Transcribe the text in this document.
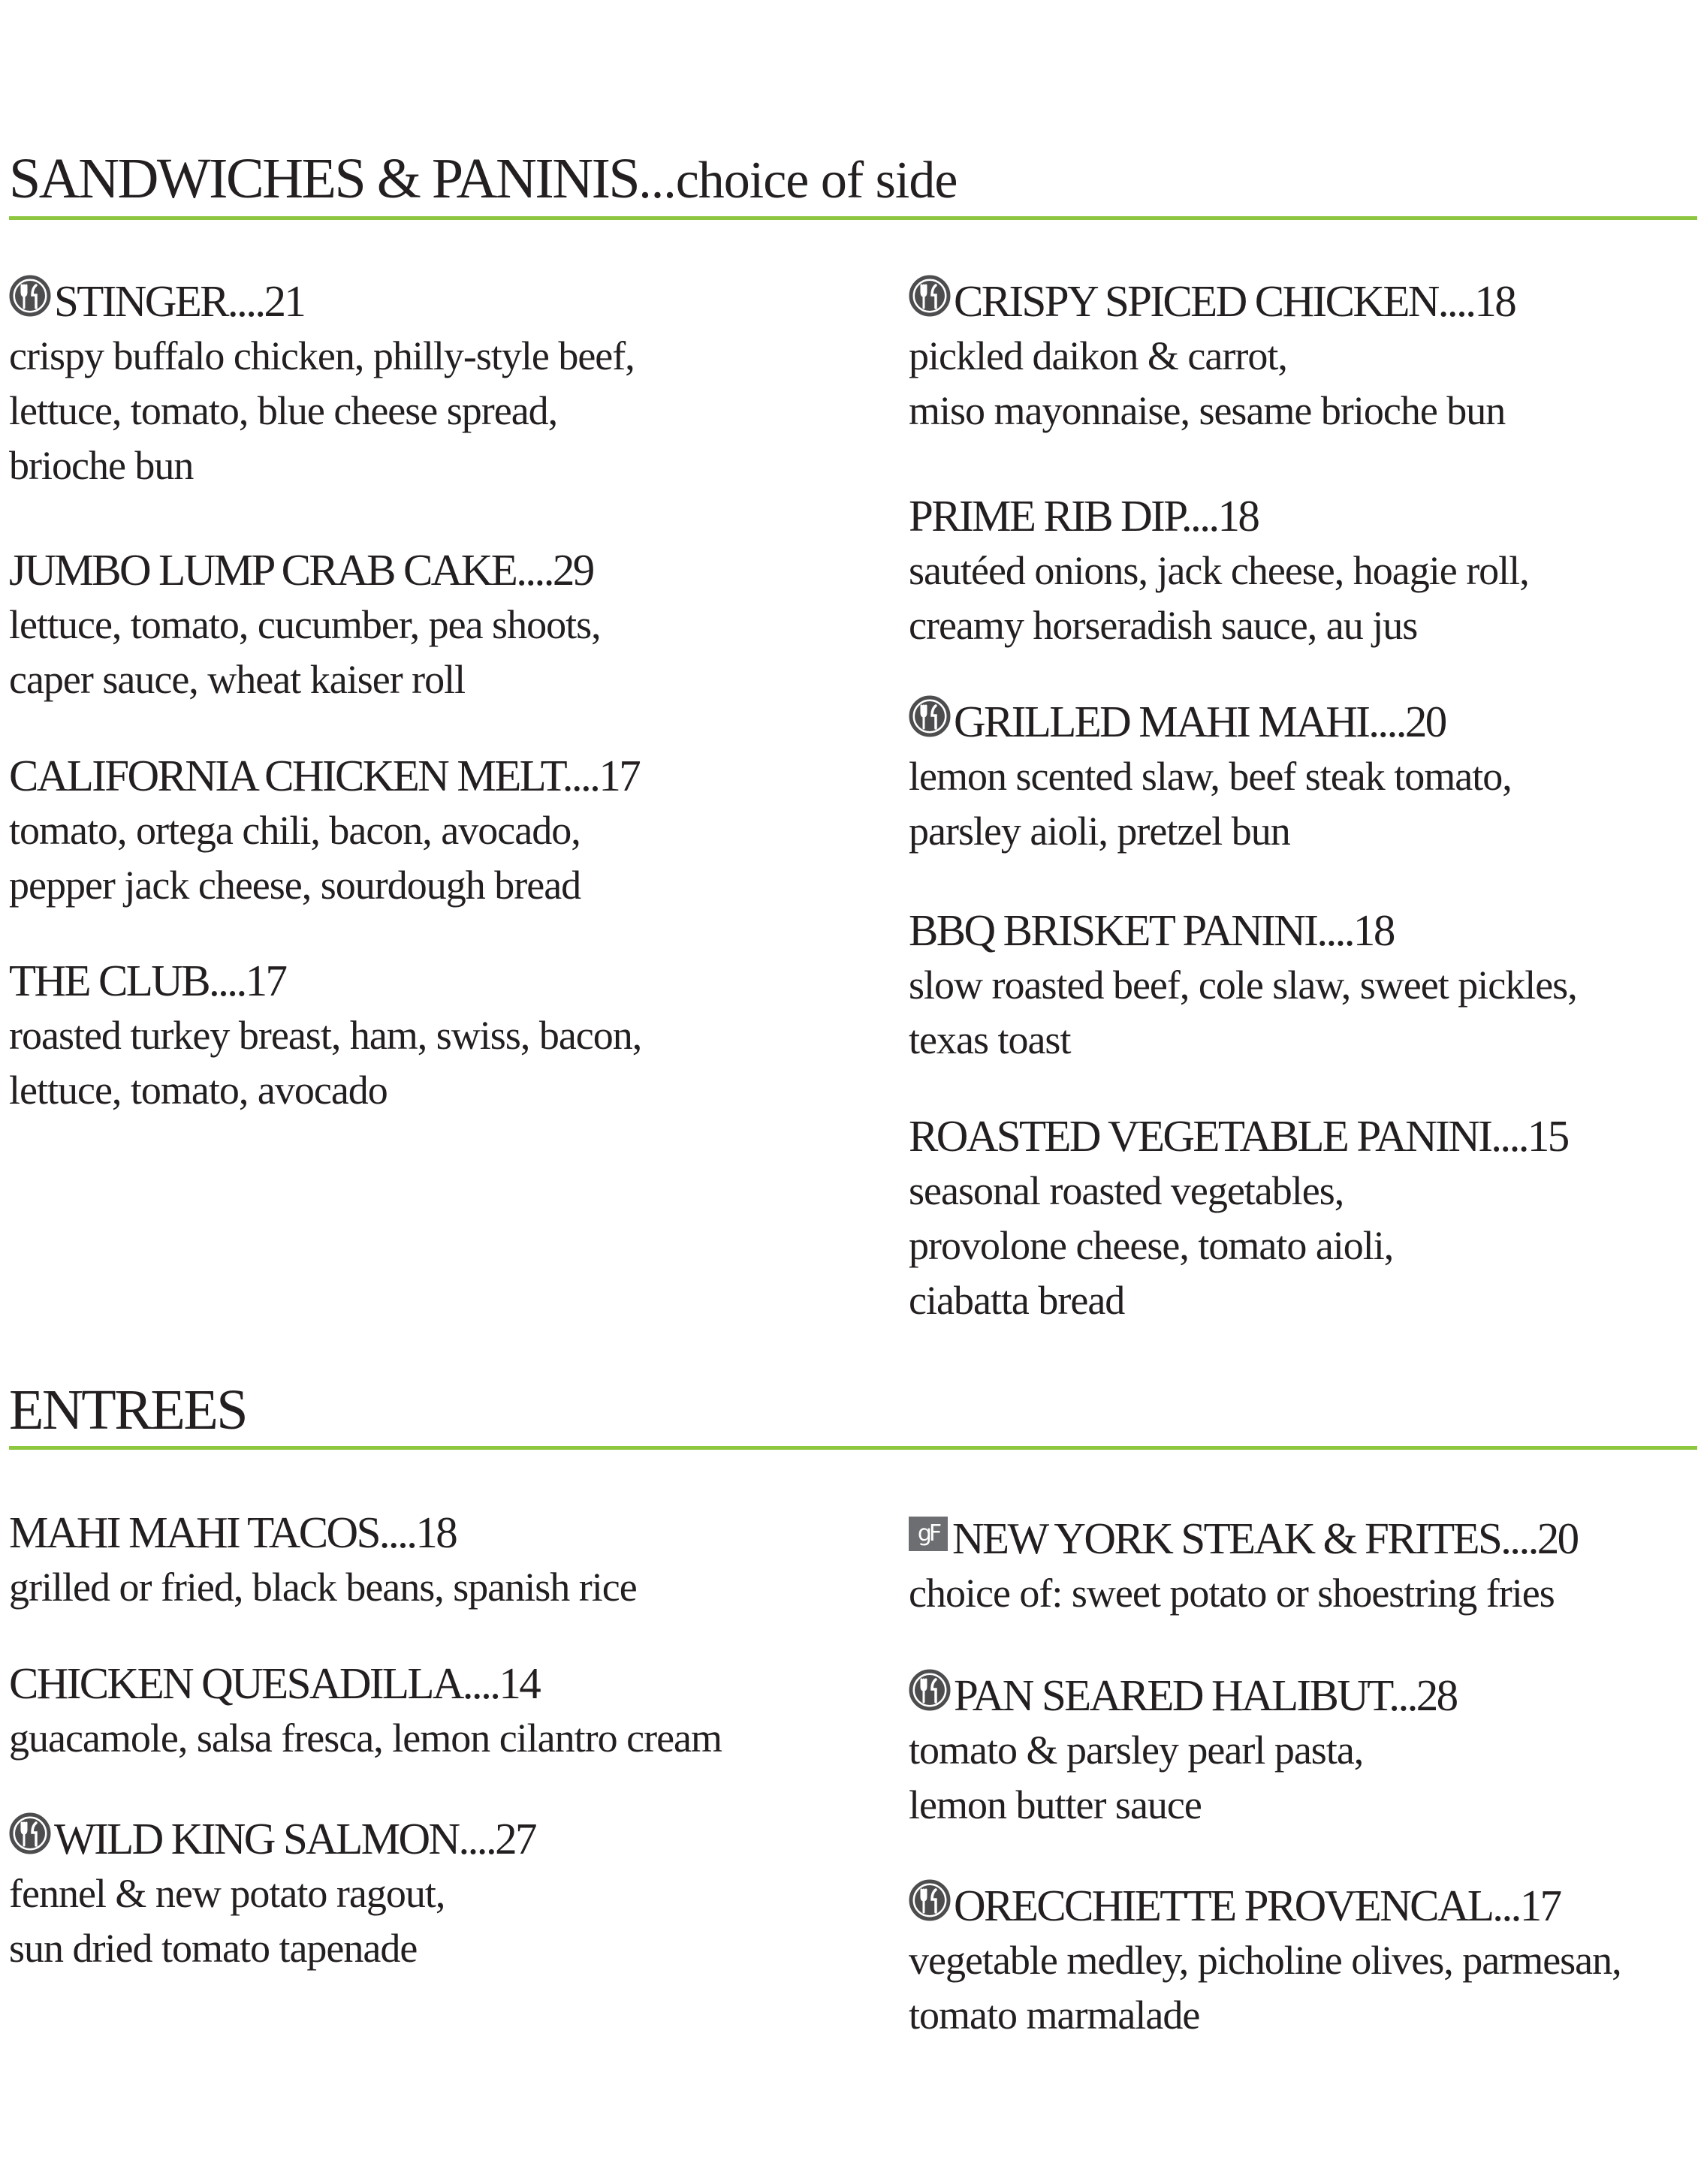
SANDWICHES & PANINIS...choice of side
STINGER....21
crispy buffalo chicken, philly-style beef,
lettuce, tomato, blue cheese spread,
brioche bun
JUMBO LUMP CRAB CAKE....29
lettuce, tomato, cucumber, pea shoots,
caper sauce, wheat kaiser roll
CALIFORNIA CHICKEN MELT....17
tomato, ortega chili, bacon, avocado,
pepper jack cheese, sourdough bread
THE CLUB....17
roasted turkey breast, ham, swiss, bacon,
lettuce, tomato, avocado
CRISPY SPICED CHICKEN....18
pickled daikon & carrot,
miso mayonnaise, sesame brioche bun
PRIME RIB DIP....18
sautéed onions, jack cheese, hoagie roll,
creamy horseradish sauce, au jus
GRILLED MAHI MAHI....20
lemon scented slaw, beef steak tomato,
parsley aioli, pretzel bun
BBQ BRISKET PANINI....18
slow roasted beef, cole slaw, sweet pickles,
texas toast
ROASTED VEGETABLE PANINI....15
seasonal roasted vegetables,
provolone cheese, tomato aioli,
ciabatta bread
ENTREES
MAHI MAHI TACOS....18
grilled or fried, black beans, spanish rice
CHICKEN QUESADILLA....14
guacamole, salsa fresca, lemon cilantro cream
WILD KING SALMON....27
fennel & new potato ragout,
sun dried tomato tapenade
gF NEW YORK STEAK & FRITES....20
choice of: sweet potato or shoestring fries
PAN SEARED HALIBUT...28
tomato & parsley pearl pasta,
lemon butter sauce
ORECCHIETTE PROVENCAL...17
vegetable medley, picholine olives, parmesan,
tomato marmalade
